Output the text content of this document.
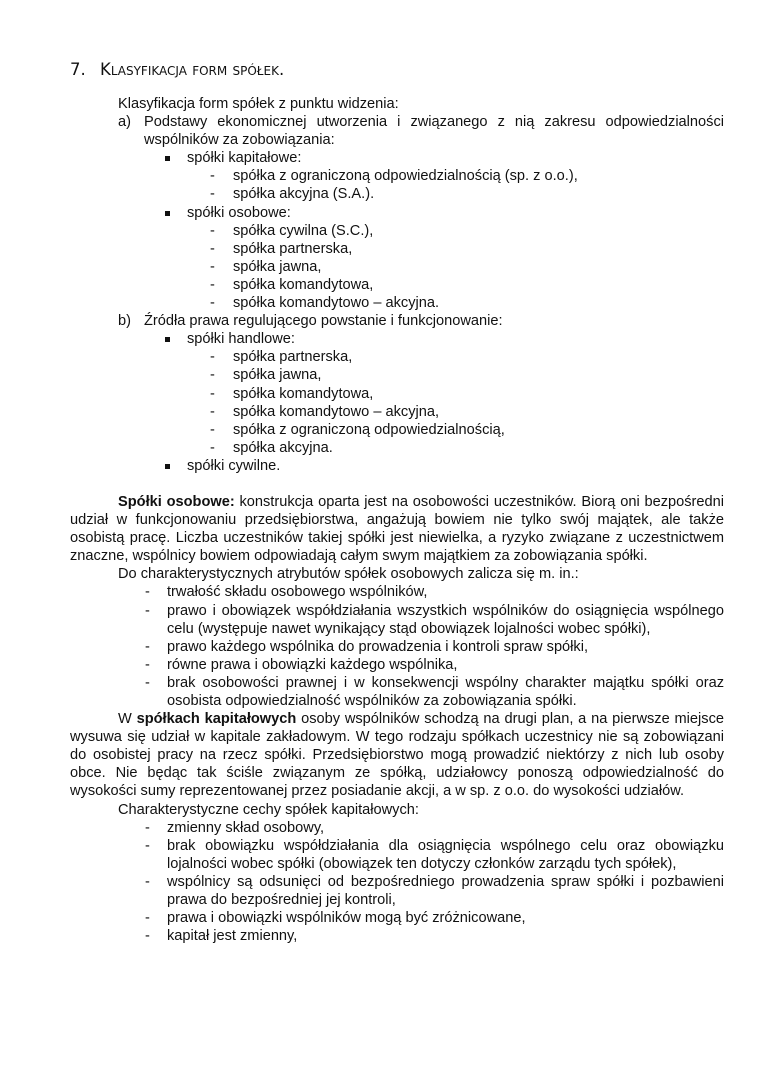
7. Klasyfikacja form spółek.

Klasyfikacja form spółek z punktu widzenia:

a) Podstawy ekonomicznej utworzenia i związanego z nią zakresu odpowiedzialności wspólników za zobowiązania:
spółki kapitałowe:
- spółka z ograniczoną odpowiedzialnością (sp. z o.o.),
- spółka akcyjna (S.A.).
spółki osobowe:
- spółka cywilna (S.C.),
- spółka partnerska,
- spółka jawna,
- spółka komandytowa,
- spółka komandytowo – akcyjna.
b) Źródła prawa regulującego powstanie i funkcjonowanie:
spółki handlowe:
- spółka partnerska,
- spółka jawna,
- spółka komandytowa,
- spółka komandytowo – akcyjna,
- spółka z ograniczoną odpowiedzialnością,
- spółka akcyjna.
spółki cywilne.

Spółki osobowe: konstrukcja oparta jest na osobowości uczestników. Biorą oni bezpośredni udział w funkcjonowaniu przedsiębiorstwa, angażują bowiem nie tylko swój majątek, ale także osobistą pracę. Liczba uczestników takiej spółki jest niewielka, a ryzyko związane z uczestnictwem znaczne, wspólnicy bowiem odpowiadają całym swym majątkiem za zobowiązania spółki.

Do charakterystycznych atrybutów spółek osobowych zalicza się m. in.:

- trwałość składu osobowego wspólników,
- prawo i obowiązek współdziałania wszystkich wspólników do osiągnięcia wspólnego celu (występuje nawet wynikający stąd obowiązek lojalności wobec spółki),
- prawo każdego wspólnika do prowadzenia i kontroli spraw spółki,
- równe prawa i obowiązki każdego wspólnika,
- brak osobowości prawnej i w konsekwencji wspólny charakter majątku spółki oraz osobista odpowiedzialność wspólników za zobowiązania spółki.

W spółkach kapitałowych osoby wspólników schodzą na drugi plan, a na pierwsze miejsce wysuwa się udział w kapitale zakładowym. W tego rodzaju spółkach uczestnicy nie są zobowiązani do osobistej pracy na rzecz spółki. Przedsiębiorstwo mogą prowadzić niektórzy z nich lub osoby obce. Nie będąc tak ściśle związanym ze spółką, udziałowcy ponoszą odpowiedzialność do wysokości sumy reprezentowanej przez posiadanie akcji, a w sp. z o.o. do wysokości udziałów.

Charakterystyczne cechy spółek kapitałowych:

- zmienny skład osobowy,
- brak obowiązku współdziałania dla osiągnięcia wspólnego celu oraz obowiązku lojalności wobec spółki (obowiązek ten dotyczy członków zarządu tych spółek),
- wspólnicy są odsunięci od bezpośredniego prowadzenia spraw spółki i pozbawieni prawa do bezpośredniej jej kontroli,
- prawa i obowiązki wspólników mogą być zróżnicowane,
- kapitał jest zmienny,
